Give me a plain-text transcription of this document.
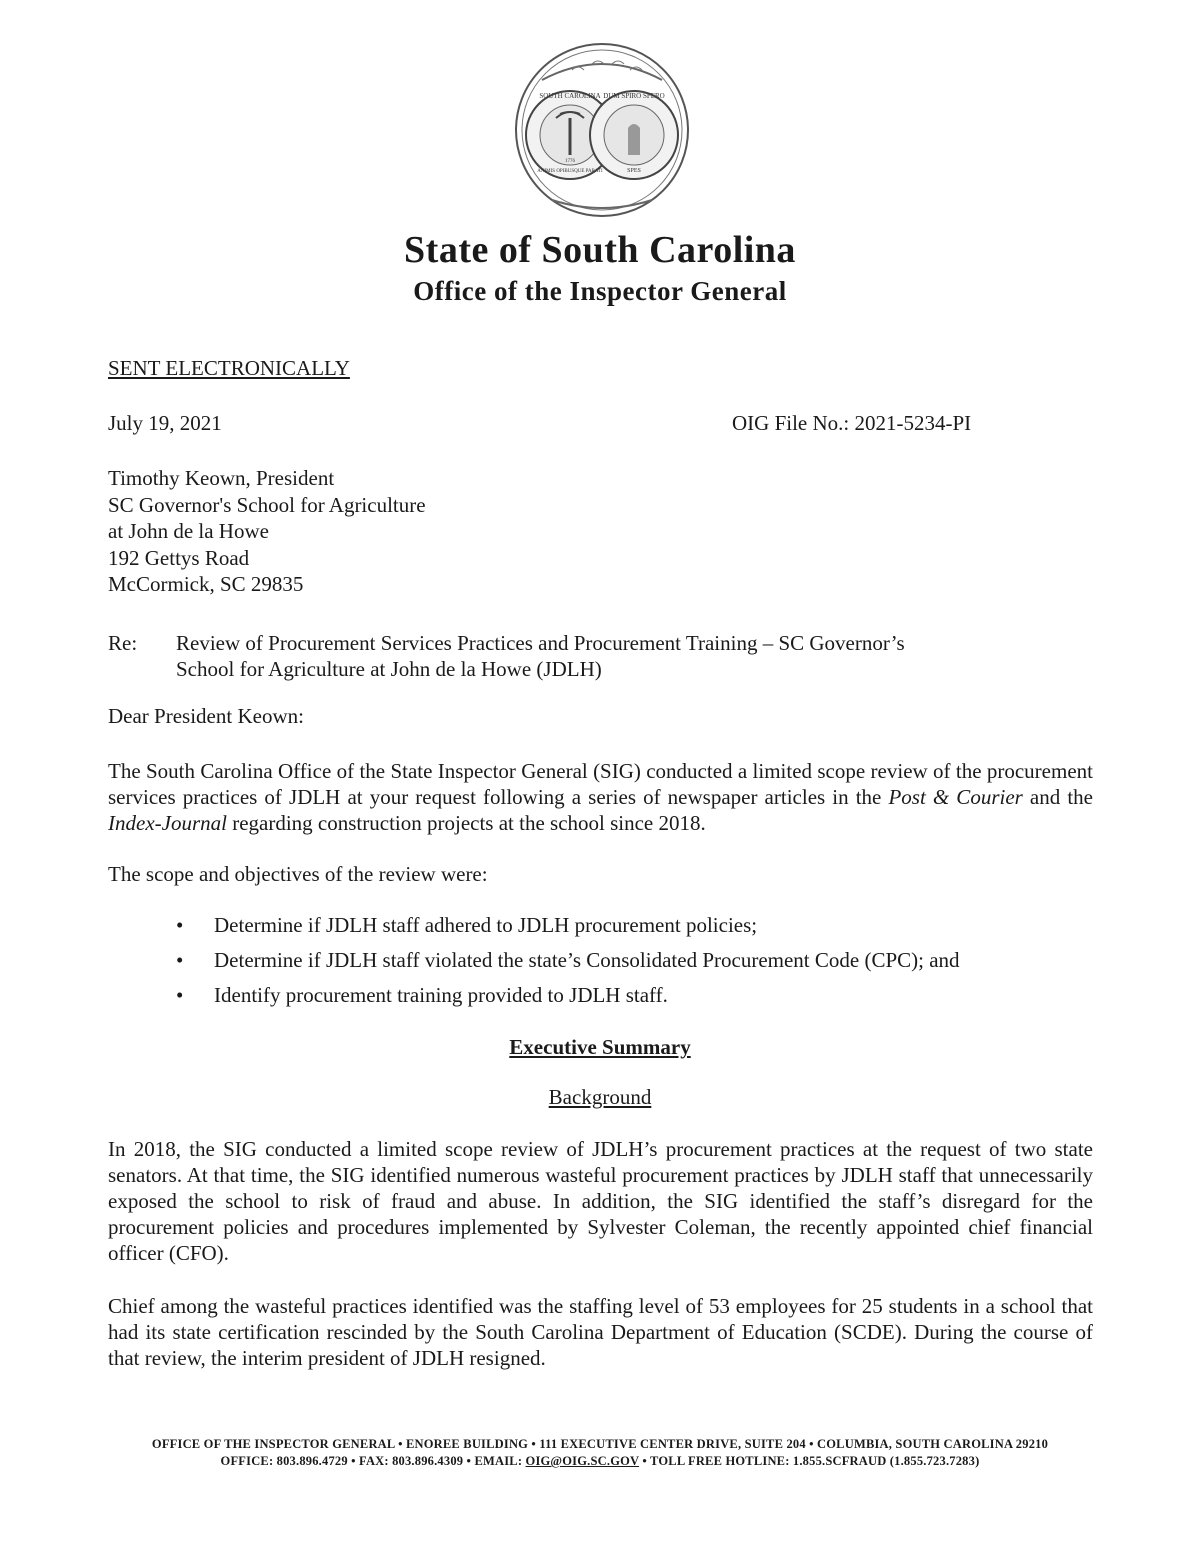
SOUTH CAROLINA
ANIMIS OPIBUSQUE PARATI
DUM SPIRO SPERO
SPES
1776
State of South Carolina
Office of the Inspector General
SENT ELECTRONICALLY
July 19, 2021	OIG File No.: 2021-5234-PI
Timothy Keown, President
SC Governor's School for Agriculture
at John de la Howe
192 Gettys Road
McCormick, SC 29835
Re: Review of Procurement Services Practices and Procurement Training – SC Governor’s
School for Agriculture at John de la Howe (JDLH)
Dear President Keown:

The South Carolina Office of the State Inspector General (SIG) conducted a limited scope review of the procurement services practices of JDLH at your request following a series of newspaper articles in the Post & Courier and the Index-Journal regarding construction projects at the school since 2018.

The scope and objectives of the review were:
• Determine if JDLH staff adhered to JDLH procurement policies;
• Determine if JDLH staff violated the state’s Consolidated Procurement Code (CPC); and
• Identify procurement training provided to JDLH staff.
Executive Summary
Background

In 2018, the SIG conducted a limited scope review of JDLH’s procurement practices at the request of two state senators. At that time, the SIG identified numerous wasteful procurement practices by JDLH staff that unnecessarily exposed the school to risk of fraud and abuse. In addition, the SIG identified the staff’s disregard for the procurement policies and procedures implemented by Sylvester Coleman, the recently appointed chief financial officer (CFO).

Chief among the wasteful practices identified was the staffing level of 53 employees for 25 students in a school that had its state certification rescinded by the South Carolina Department of Education (SCDE). During the course of that review, the interim president of JDLH resigned.

OFFICE OF THE INSPECTOR GENERAL • ENOREE BUILDING • 111 EXECUTIVE CENTER DRIVE, SUITE 204 • COLUMBIA, SOUTH CAROLINA 29210
OFFICE: 803.896.4729 • FAX: 803.896.4309 • EMAIL: OIG@OIG.SC.GOV • TOLL FREE HOTLINE: 1.855.SCFRAUD (1.855.723.7283)
